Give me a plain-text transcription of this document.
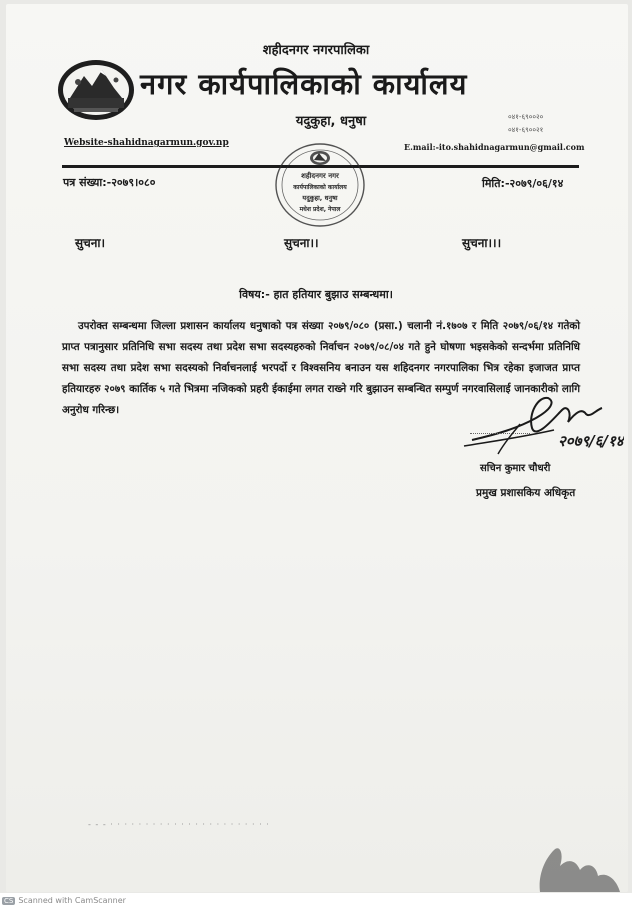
शहीदनगर नगरपालिका
नगर कार्यपालिकाको कार्यालय
यदुकुहा, धनुषा	०४१-६९००२०
०४१-६९००२१
Website-shahidnagarmun.gov.np	E.mail:-ito.shahidnagarmun@gmail.com
पत्र संख्या:-२०७९।०८०	मिति:-२०७९/०६/१४
शहीदनगर नगर
कार्यपालिकाको कार्यालय
यदुकुहा, धनुषा
मधेश प्रदेश, नेपाल
सुचना।	सुचना।।	सुचना।।।
विषय:- हात हतियार बुझाउ सम्बन्धमा।

उपरोक्त सम्बन्धमा जिल्ला प्रशासन कार्यालय धनुषाको पत्र संख्या २०७९/०८० (प्रसा.) चलानी नं.१७०७ र मिति २०७९/०६/१४ गतेको प्राप्त पत्रानुसार प्रतिनिधि सभा सदस्य तथा प्रदेश सभा सदस्यहरुको निर्वाचन २०७९/०८/०४ गते हुने घोषणा भइसकेको सन्दर्भमा प्रतिनिधि सभा सदस्य तथा प्रदेश सभा सदस्यको निर्वाचनलाई भरपर्दो र विश्वसनिय बनाउन यस शहिदनगर नगरपालिका भित्र रहेका इजाजत प्राप्त हतियारहरु २०७९ कार्तिक ५ गते भित्रमा नजिकको प्रहरी ईकाईमा लगत राख्ने गरि बुझाउन सम्बन्धित सम्पुर्ण नगरवासिलाई जानकारीको लागि अनुरोध गरिन्छ।

२०७९/६/१४
सचिन कुमार चौधरी
प्रमुख प्रशासकिय अधिकृत
- - - · · · · · · · · · · · · · · · · · · · · · · ·
CS Scanned with CamScanner
